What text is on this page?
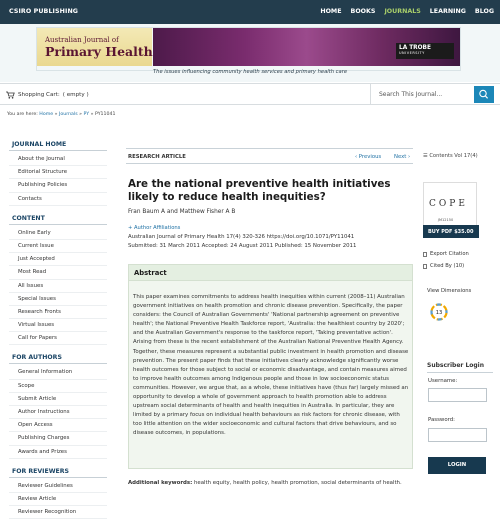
CSIRO PUBLISHING	HOME BOOKS JOURNALS LEARNING BLOG
Australian Journal of
Primary Health	LA TROBE
UNIVERSITY
The issues influencing community health services and primary health care
Shopping Cart: ( empty )	Search This Journal...
You are here: Home » Journals » PY » PY11041
JOURNAL HOME
About the Journal
Editorial Structure
Publishing Policies
Contacts
CONTENT
Online Early
Current Issue
Just Accepted
Most Read
All Issues
Special Issues
Research Fronts
Virtual Issues
Call for Papers
FOR AUTHORS
General Information
Scope
Submit Article
Author Instructions
Open Access
Publishing Charges
Awards and Prizes
FOR REVIEWERS
Reviewer Guidelines
Review Article
Reviewer Recognition
RESEARCH ARTICLE	‹ Previous Next ›
Are the national preventive health initiatives likely to reduce health inequities?
Fran Baum A and Matthew Fisher A B
+ Author Affiliations
Australian Journal of Primary Health 17(4) 320-326 https://doi.org/10.1071/PY11041
Submitted: 31 March 2011 Accepted: 24 August 2011 Published: 15 November 2011
Abstract
This paper examines commitments to address health inequities within current (2008–11) Australian government initiatives on health promotion and chronic disease prevention. Specifically, the paper considers: the Council of Australian Governments' 'National partnership agreement on preventive health'; the National Preventive Health Taskforce report, 'Australia: the healthiest country by 2020'; and the Australian Government's response to the taskforce report, 'Taking preventative action'. Arising from these is the recent establishment of the Australian National Preventive Health Agency. Together, these measures represent a substantial public investment in health promotion and disease prevention. The present paper finds that these initiatives clearly acknowledge significantly worse health outcomes for those subject to social or economic disadvantage, and contain measures aimed to improve health outcomes among Indigenous people and those in low socioeconomic status communities. However, we argue that, as a whole, these initiatives have (thus far) largely missed an opportunity to develop a whole of government approach to health promotion able to address upstream social determinants of health and health inequities in Australia. In particular, they are limited by a primary focus on individual health behaviours as risk factors for chronic disease, with too little attention on the wider socioeconomic and cultural factors that drive behaviours, and so disease outcomes, in populations.
Additional keywords: health equity, health policy, health promotion, social determinants of health.
☰ Contents Vol 17(4)
COPE
JM12150
BUY PDF $35.00
Export Citation
Cited By (10)
View Dimensions
13
Subscriber Login
Username:
Password:
LOGIN
